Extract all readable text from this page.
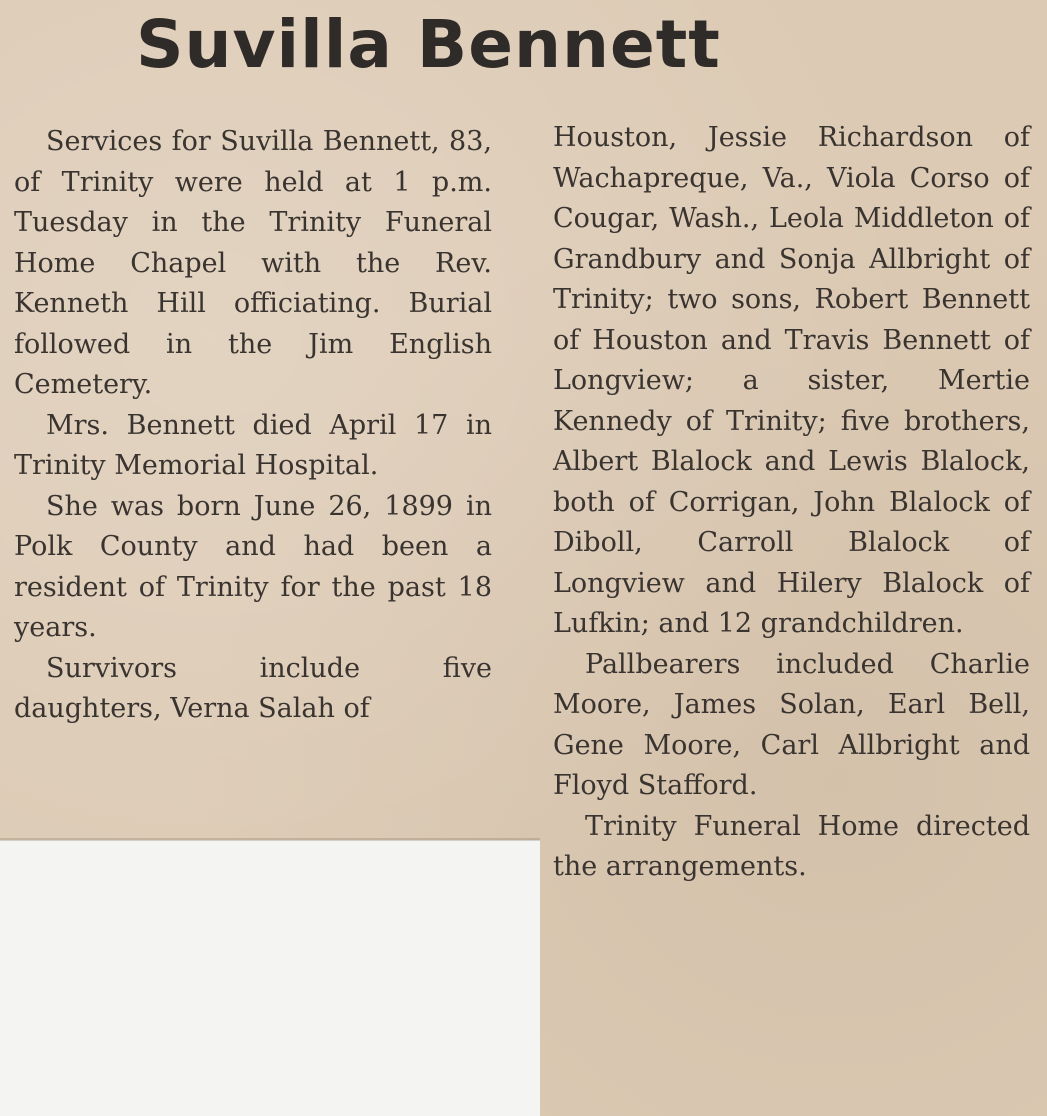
Suvilla Bennett

Services for Suvilla Bennett, 83, of Trinity were held at 1 p.m. Tuesday in the Trinity Funeral Home Chapel with the Rev. Kenneth Hill officiating. Burial followed in the Jim English Cemetery.

Mrs. Bennett died April 17 in Trinity Memorial Hospital.

She was born June 26, 1899 in Polk County and had been a resident of Trinity for the past 18 years.

Survivors include five daughters, Verna Salah of

Houston, Jessie Richardson of Wachapreque, Va., Viola Corso of Cougar, Wash., Leola Middleton of Grandbury and Sonja Allbright of Trinity; two sons, Robert Bennett of Houston and Travis Bennett of Longview; a sister, Mertie Kennedy of Trinity; five brothers, Albert Blalock and Lewis Blalock, both of Corrigan, John Blalock of Diboll, Carroll Blalock of Longview and Hilery Blalock of Lufkin; and 12 grandchildren.

Pallbearers included Charlie Moore, James Solan, Earl Bell, Gene Moore, Carl Allbright and Floyd Stafford.

Trinity Funeral Home directed the arrangements.
